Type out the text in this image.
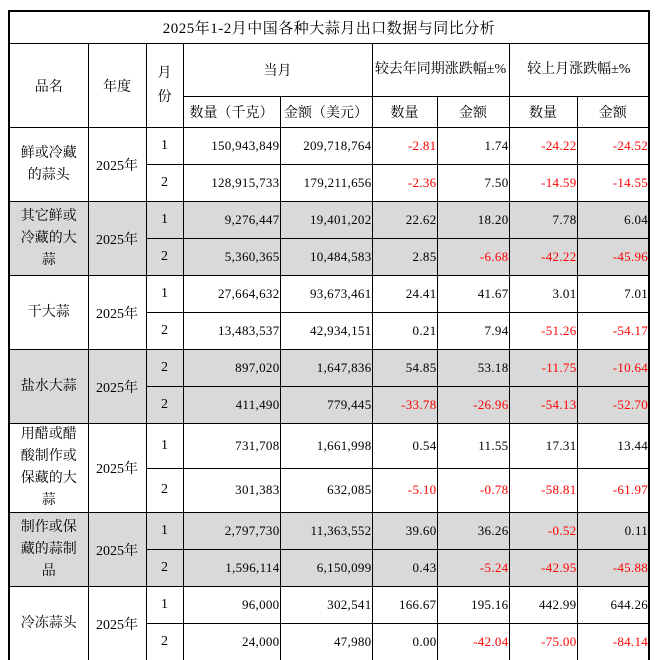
2025年1-2月中国各种大蒜月出口数据与同比分析								
品名	年度	月份	当月		较去年同期涨跌幅±%		较上月涨跌幅±%	
			数量（千克）	金额（美元）	数量	金额	数量	金额
鲜或冷藏的蒜头	2025年	1	150,943,849	209,718,764	-2.81	1.74	-24.22	-24.52
		2	128,915,733	179,211,656	-2.36	7.50	-14.59	-14.55
其它鲜或冷藏的大蒜	2025年	1	9,276,447	19,401,202	22.62	18.20	7.78	6.04
		2	5,360,365	10,484,583	2.85	-6.68	-42.22	-45.96
干大蒜	2025年	1	27,664,632	93,673,461	24.41	41.67	3.01	7.01
		2	13,483,537	42,934,151	0.21	7.94	-51.26	-54.17
盐水大蒜	2025年	2	897,020	1,647,836	54.85	53.18	-11.75	-10.64
		2	411,490	779,445	-33.78	-26.96	-54.13	-52.70
用醋或醋酸制作或保藏的大蒜	2025年	1	731,708	1,661,998	0.54	11.55	17.31	13.44
		2	301,383	632,085	-5.10	-0.78	-58.81	-61.97
制作或保藏的蒜制品	2025年	1	2,797,730	11,363,552	39.60	36.26	-0.52	0.11
		2	1,596,114	6,150,099	0.43	-5.24	-42.95	-45.88
冷冻蒜头	2025年	1	96,000	302,541	166.67	195.16	442.99	644.26
		2	24,000	47,980	0.00	-42.04	-75.00	-84.14
